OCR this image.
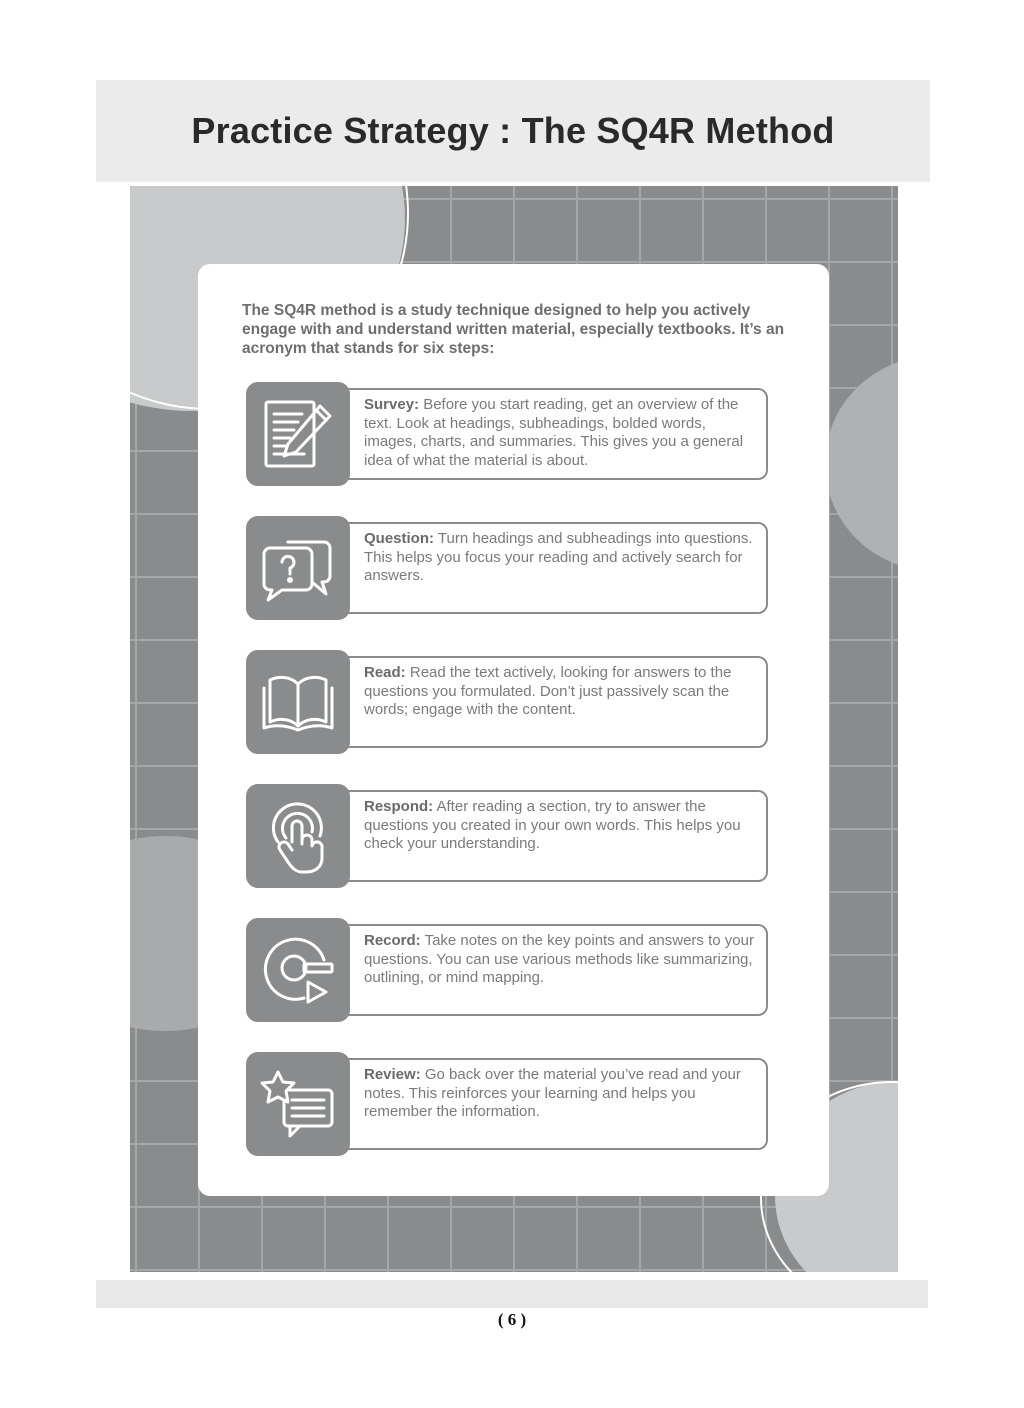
Practice Strategy : The SQ4R Method
The SQ4R method is a study technique designed to help you actively engage with and understand written material, especially textbooks. It’s an acronym that stands for six steps:
Survey: Before you start reading, get an overview of the text. Look at headings, subheadings, bolded words, images, charts, and summaries. This gives you a general idea of what the material is about.
Question: Turn headings and subheadings into questions. This helps you focus your reading and actively search for answers.
Read: Read the text actively, looking for answers to the questions you formulated. Don’t just passively scan the words; engage with the content.
Respond: After reading a section, try to answer the questions you created in your own words. This helps you check your understanding.
Record: Take notes on the key points and answers to your questions. You can use various methods like summarizing, outlining, or mind mapping.
Review: Go back over the material you’ve read and your notes. This reinforces your learning and helps you remember the information.
( 6 )
